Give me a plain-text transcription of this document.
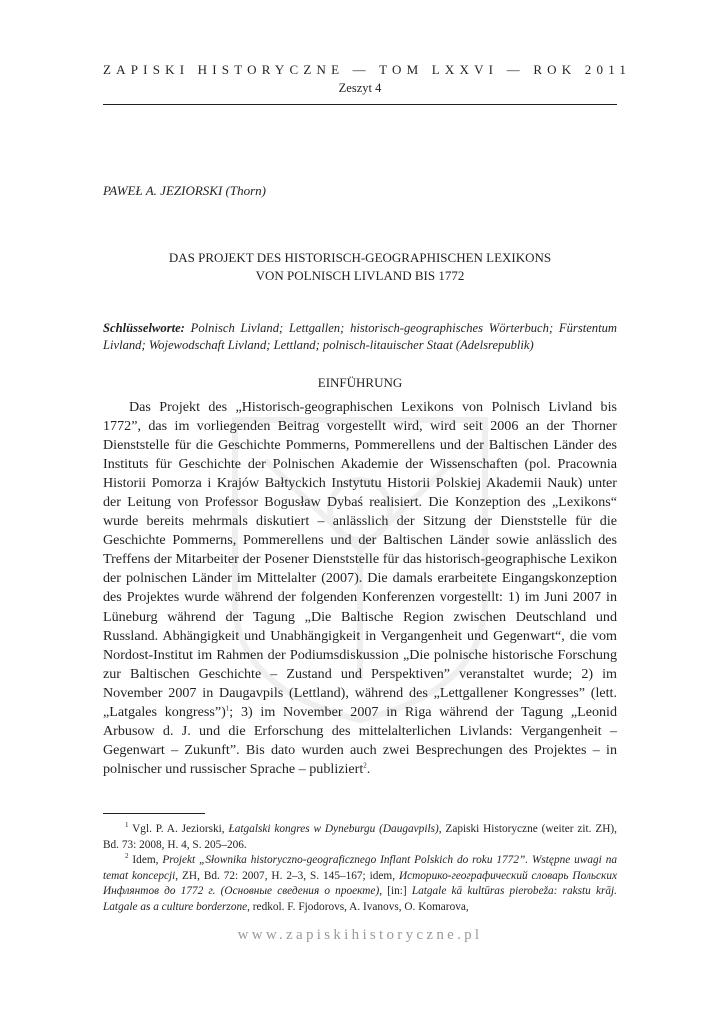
ZAPISKI HISTORYCZNE — TOM LXXVI — ROK 2011
Zeszyt 4
PAWEŁ A. JEZIORSKI (Thorn)
DAS PROJEKT DES HISTORISCH-GEOGRAPHISCHEN LEXIKONS
VON POLNISCH LIVLAND BIS 1772
Schlüsselworte: Polnisch Livland; Lettgallen; historisch-geographisches Wörterbuch; Fürstentum Livland; Wojewodschaft Livland; Lettland; polnisch-litauischer Staat (Adelsrepublik)
EINFÜHRUNG

Das Projekt des „Historisch-geographischen Lexikons von Polnisch Livland bis 1772”, das im vorliegenden Beitrag vorgestellt wird, wird seit 2006 an der Thorner Dienststelle für die Geschichte Pommerns, Pommerellens und der Baltischen Länder des Instituts für Geschichte der Polnischen Akademie der Wissenschaften (pol. Pracownia Historii Pomorza i Krajów Bałtyckich Instytutu Historii Polskiej Akademii Nauk) unter der Leitung von Professor Bogusław Dybaś realisiert. Die Konzeption des „Lexikons“ wurde bereits mehrmals diskutiert – anlässlich der Sitzung der Dienststelle für die Geschichte Pommerns, Pommerellens und der Baltischen Länder sowie anlässlich des Treffens der Mitarbeiter der Posener Dienststelle für das historisch-geographische Lexikon der polnischen Länder im Mittelalter (2007). Die damals erarbeitete Eingangskonzeption des Projektes wurde während der folgenden Konferenzen vorgestellt: 1) im Juni 2007 in Lüneburg während der Tagung „Die Baltische Region zwischen Deutschland und Russland. Abhängigkeit und Unabhängigkeit in Vergangenheit und Gegenwart“, die vom Nordost-Institut im Rahmen der Podiumsdiskussion „Die polnische historische Forschung zur Baltischen Geschichte – Zustand und Perspektiven” veranstaltet wurde; 2) im November 2007 in Daugavpils (Lettland), während des „Lettgallener Kongresses” (lett. „Latgales kongress”)$^1$; 3) im November 2007 in Riga während der Tagung „Leonid Arbusow d. J. und die Erforschung des mittelalterlichen Livlands: Vergangenheit – Gegenwart – Zukunft”. Bis dato wurden auch zwei Besprechungen des Projektes – in polnischer und russischer Sprache – publiziert$^2$.

$^1$ Vgl. P. A. Jeziorski, Łatgalski kongres w Dyneburgu (Daugavpils), Zapiski Historyczne (weiter zit. ZH), Bd. 73: 2008, H. 4, S. 205–206.

$^2$ Idem, Projekt „Słownika historyczno-geograficznego Inflant Polskich do roku 1772”. Wstępne uwagi na temat koncepcji, ZH, Bd. 72: 2007, H. 2–3, S. 145–167; idem, Историко-географический словарь Польских Инфлянтов до 1772 г. (Основные сведения о проекте), [in:] Latgale kā kultūras pierobeža: rakstu krāj. Latgale as a culture borderzone, redkol. F. Fjodorovs, A. Ivanovs, O. Komarova,

www.zapiskihistoryczne.pl
